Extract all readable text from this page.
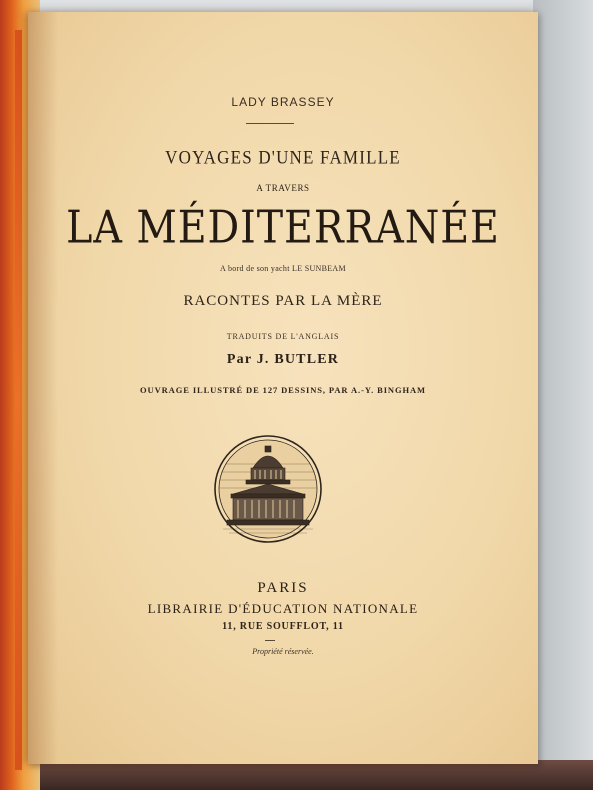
LADY BRASSEY
VOYAGES D'UNE FAMILLE
A TRAVERS
LA MÉDITERRANÉE
A bord de son yacht LE SUNBEAM
RACONTES PAR LA MÈRE
TRADUITS DE L'ANGLAIS
Par J. BUTLER
OUVRAGE ILLUSTRÉ DE 127 DESSINS, PAR A.-Y. BINGHAM
PARIS
LIBRAIRIE D'ÉDUCATION NATIONALE
11, RUE SOUFFLOT, 11
Propriété réservée.
